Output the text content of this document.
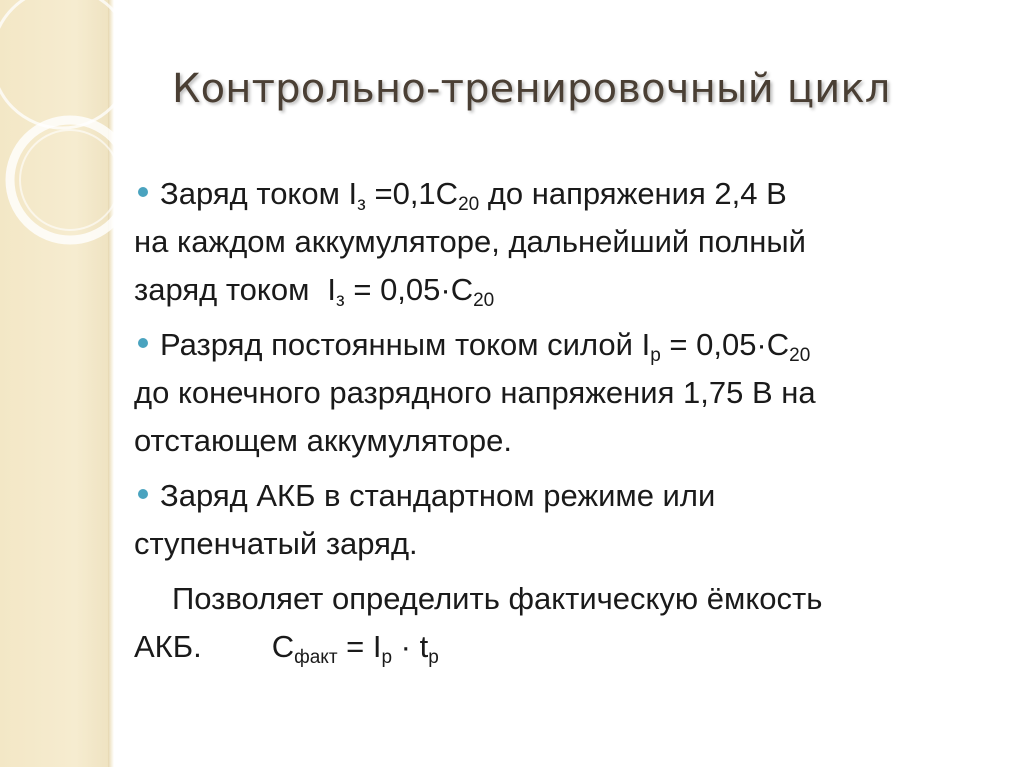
Контрольно-тренировочный цикл
Заряд током $I_з =0,1С_{20}$ до напряжения 2,4 В
на каждом аккумуляторе, дальнейший полный
заряд током $I_з = 0,05\cdot С_{20}$
Разряд постоянным током силой $I_р = 0,05\cdot С_{20}$
до конечного разрядного напряжения 1,75 В на
отстающем аккумуляторе.
Заряд АКБ в стандартном режиме или
ступенчатый заряд.
Позволяет определить фактическую ёмкость
АКБ. $С_{факт} = I_р \cdot t_р$
